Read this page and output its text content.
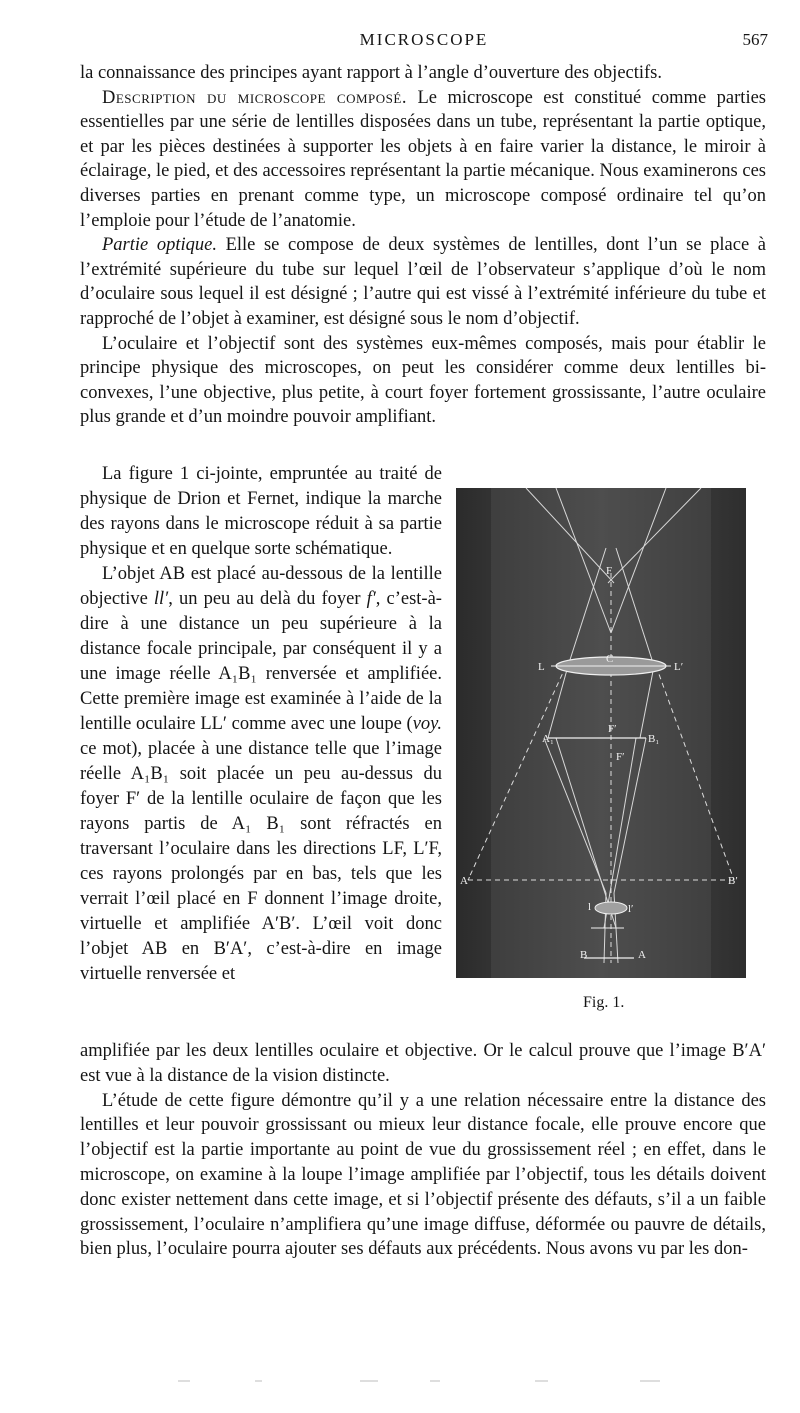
MICROSCOPE	567

la connaissance des principes ayant rapport à l’angle d’ouverture des objectifs.

Description du microscope composé. Le microscope est constitué comme parties essentielles par une série de lentilles disposées dans un tube, représentant la partie optique, et par les pièces destinées à supporter les objets à en faire varier la distance, le miroir à éclairage, le pied, et des accessoires représentant la partie mécanique. Nous examinerons ces diverses parties en prenant comme type, un microscope composé ordinaire tel qu’on l’emploie pour l’étude de l’anatomie.

Partie optique. Elle se compose de deux systèmes de lentilles, dont l’un se place à l’extrémité supérieure du tube sur lequel l’œil de l’observateur s’applique d’où le nom d’oculaire sous lequel il est désigné ; l’autre qui est vissé à l’extrémité inférieure du tube et rapproché de l’objet à examiner, est désigné sous le nom d’objectif.

L’oculaire et l’objectif sont des systèmes eux-mêmes composés, mais pour établir le principe physique des microscopes, on peut les considérer comme deux lentilles bi-convexes, l’une objective, plus petite, à court foyer fortement grossissante, l’autre oculaire plus grande et d’un moindre pouvoir amplifiant.

La figure 1 ci-jointe, empruntée au traité de physique de Drion et Fernet, indique la marche des rayons dans le microscope réduit à sa partie physique et en quelque sorte schématique.

L’objet AB est placé au-dessous de la lentille objective ll′, un peu au delà du foyer f′, c’est-à-dire à une distance un peu supérieure à la distance focale principale, par conséquent il y a une image réelle A₁B₁ renversée et amplifiée. Cette première image est examinée à l’aide de la lentille oculaire LL′ comme avec une loupe (voy. ce mot), placée à une distance telle que l’image réelle A₁B₁ soit placée un peu au-dessus du foyer F′ de la lentille oculaire de façon que les rayons partis de A₁ B₁ sont réfractés en traversant l’oculaire dans les directions LF, L′F, ces rayons prolongés par en bas, tels que les verrait l’œil placé en F donnent l’image droite, virtuelle et amplifiée A′B′. L’œil voit donc l’objet AB en B′A′, c’est-à-dire en image virtuelle renversée et

F
L
C
L′
A₁
F′
B₁
F′
A′	B′
l	l′
B	A
Fig. 1.

amplifiée par les deux lentilles oculaire et objective. Or le calcul prouve que l’image B′A′ est vue à la distance de la vision distincte.

L’étude de cette figure démontre qu’il y a une relation nécessaire entre la distance des lentilles et leur pouvoir grossissant ou mieux leur distance focale, elle prouve encore que l’objectif est la partie importante au point de vue du grossissement réel ; en effet, dans le microscope, on examine à la loupe l’image amplifiée par l’objectif, tous les détails doivent donc exister nettement dans cette image, et si l’objectif présente des défauts, s’il a un faible grossissement, l’oculaire n’amplifiera qu’une image diffuse, déformée ou pauvre de détails, bien plus, l’oculaire pourra ajouter ses défauts aux précédents. Nous avons vu par les don-
